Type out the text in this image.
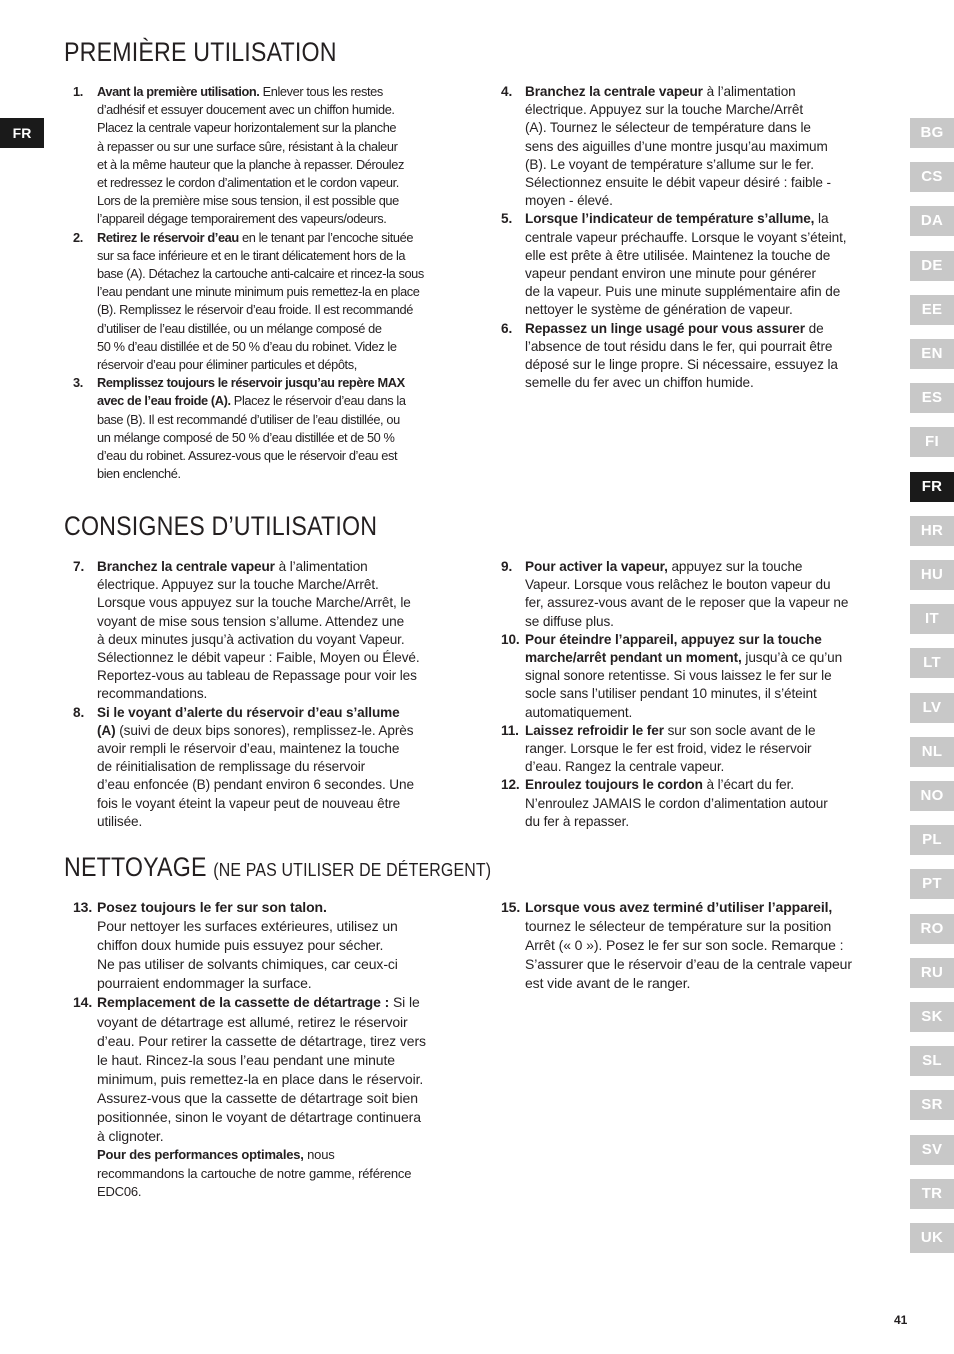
FR
PREMIÈRE UTILISATION
1. Avant la première utilisation. Enlever tous les restes
d’adhésif et essuyer doucement avec un chiffon humide.
Placez la centrale vapeur horizontalement sur la planche
à repasser ou sur une surface sûre, résistant à la chaleur
et à la même hauteur que la planche à repasser. Déroulez
et redressez le cordon d’alimentation et le cordon vapeur.
Lors de la première mise sous tension, il est possible que
l’appareil dégage temporairement des vapeurs/odeurs.
2. Retirez le réservoir d’eau en le tenant par l’encoche située
sur sa face inférieure et en le tirant délicatement hors de la
base (A). Détachez la cartouche anti-calcaire et rincez-la sous
l’eau pendant une minute minimum puis remettez-la en place
(B). Remplissez le réservoir d’eau froide. Il est recommandé
d’utiliser de l’eau distillée, ou un mélange composé de
50 % d’eau distillée et de 50 % d’eau du robinet. Videz le
réservoir d’eau pour éliminer particules et dépôts,
3. Remplissez toujours le réservoir jusqu’au repère MAX
avec de l’eau froide (A). Placez le réservoir d’eau dans la
base (B). Il est recommandé d’utiliser de l’eau distillée, ou
un mélange composé de 50 % d’eau distillée et de 50 %
d’eau du robinet. Assurez-vous que le réservoir d’eau est
bien enclenché.
4. Branchez la centrale vapeur à l’alimentation
électrique. Appuyez sur la touche Marche/Arrêt
(A). Tournez le sélecteur de température dans le
sens des aiguilles d’une montre jusqu’au maximum
(B). Le voyant de température s’allume sur le fer.
Sélectionnez ensuite le débit vapeur désiré : faible -
moyen - élevé.
5. Lorsque l’indicateur de température s’allume, la
centrale vapeur préchauffe. Lorsque le voyant s’éteint,
elle est prête à être utilisée. Maintenez la touche de
vapeur pendant environ une minute pour générer
de la vapeur. Puis une minute supplémentaire afin de
nettoyer le système de génération de vapeur.
6. Repassez un linge usagé pour vous assurer de
l’absence de tout résidu dans le fer, qui pourrait être
déposé sur le linge propre. Si nécessaire, essuyez la
semelle du fer avec un chiffon humide.
CONSIGNES D’UTILISATION
7. Branchez la centrale vapeur à l’alimentation
électrique. Appuyez sur la touche Marche/Arrêt.
Lorsque vous appuyez sur la touche Marche/Arrêt, le
voyant de mise sous tension s’allume. Attendez une
à deux minutes jusqu’à activation du voyant Vapeur.
Sélectionnez le débit vapeur : Faible, Moyen ou Élevé.
Reportez-vous au tableau de Repassage pour voir les
recommandations.
8. Si le voyant d’alerte du réservoir d’eau s’allume
(A) (suivi de deux bips sonores), remplissez-le. Après
avoir rempli le réservoir d’eau, maintenez la touche
de réinitialisation de remplissage du réservoir
d’eau enfoncée (B) pendant environ 6 secondes. Une
fois le voyant éteint la vapeur peut de nouveau être
utilisée.
9. Pour activer la vapeur, appuyez sur la touche
Vapeur. Lorsque vous relâchez le bouton vapeur du
fer, assurez-vous avant de le reposer que la vapeur ne
se diffuse plus.
10. Pour éteindre l’appareil, appuyez sur la touche
marche/arrêt pendant un moment, jusqu’à ce qu’un
signal sonore retentisse. Si vous laissez le fer sur le
socle sans l’utiliser pendant 10 minutes, il s’éteint
automatiquement.
11. Laissez refroidir le fer sur son socle avant de le
ranger. Lorsque le fer est froid, videz le réservoir
d’eau. Rangez la centrale vapeur.
12. Enroulez toujours le cordon à l’écart du fer.
N’enroulez JAMAIS le cordon d’alimentation autour
du fer à repasser.
NETTOYAGE (NE PAS UTILISER DE DÉTERGENT)
13. Posez toujours le fer sur son talon.
Pour nettoyer les surfaces extérieures, utilisez un
chiffon doux humide puis essuyez pour sécher.
Ne pas utiliser de solvants chimiques, car ceux-ci
pourraient endommager la surface.
14. Remplacement de la cassette de détartrage : Si le
voyant de détartrage est allumé, retirez le réservoir
d’eau. Pour retirer la cassette de détartrage, tirez vers
le haut. Rincez-la sous l’eau pendant une minute
minimum, puis remettez-la en place dans le réservoir.
Assurez-vous que la cassette de détartrage soit bien
positionnée, sinon le voyant de détartrage continuera
à clignoter.

Pour des performances optimales, nous
recommandons la cartouche de notre gamme, référence
EDC06.

15. Lorsque vous avez terminé d’utiliser l’appareil,
tournez le sélecteur de température sur la position
Arrêt (« 0 »). Posez le fer sur son socle. Remarque :
S’assurer que le réservoir d’eau de la centrale vapeur
est vide avant de le ranger.
BG
CS
DA
DE
EE
EN
ES
FI
FR
HR
HU
IT
LT
LV
NL
NO
PL
PT
RO
RU
SK
SL
SR
SV
TR
UK
41
